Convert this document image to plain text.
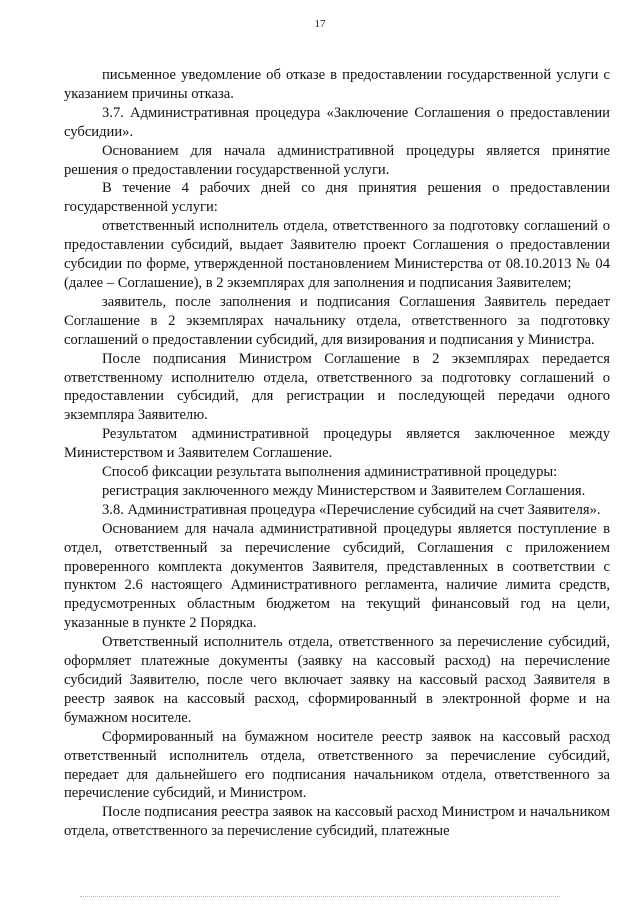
17

письменное уведомление об отказе в предоставлении государственной услуги с указанием причины отказа.

3.7. Административная процедура «Заключение Соглашения о предоставлении субсидии».

Основанием для начала административной процедуры является принятие решения о предоставлении государственной услуги.

В течение 4 рабочих дней со дня принятия решения о предоставлении государственной услуги:

ответственный исполнитель отдела, ответственного за подготовку соглашений о предоставлении субсидий, выдает Заявителю проект Соглашения о предоставлении субсидии по форме, утвержденной постановлением Министерства от 08.10.2013 № 04 (далее – Соглашение), в 2 экземплярах для заполнения и подписания Заявителем;

заявитель, после заполнения и подписания Соглашения Заявитель передает Соглашение в 2 экземплярах начальнику отдела, ответственного за подготовку соглашений о предоставлении субсидий, для визирования и подписания у Министра.

После подписания Министром Соглашение в 2 экземплярах передается ответственному исполнителю отдела, ответственного за подготовку соглашений о предоставлении субсидий, для регистрации и последующей передачи одного экземпляра Заявителю.

Результатом административной процедуры является заключенное между Министерством и Заявителем Соглашение.

Способ фиксации результата выполнения административной процедуры:

регистрация заключенного между Министерством и Заявителем Соглашения.

3.8. Административная процедура «Перечисление субсидий на счет Заявителя».

Основанием для начала административной процедуры является поступление в отдел, ответственный за перечисление субсидий, Соглашения с приложением проверенного комплекта документов Заявителя, представленных в соответствии с пунктом 2.6 настоящего Административного регламента, наличие лимита средств, предусмотренных областным бюджетом на текущий финансовый год на цели, указанные в пункте 2 Порядка.

Ответственный исполнитель отдела, ответственного за перечисление субсидий, оформляет платежные документы (заявку на кассовый расход) на перечисление субсидий Заявителю, после чего включает заявку на кассовый расход Заявителя в реестр заявок на кассовый расход, сформированный в электронной форме и на бумажном носителе.

Сформированный на бумажном носителе реестр заявок на кассовый расход ответственный исполнитель отдела, ответственного за перечисление субсидий, передает для дальнейшего его подписания начальником отдела, ответственного за перечисление субсидий, и Министром.

После подписания реестра заявок на кассовый расход Министром и начальником отдела, ответственного за перечисление субсидий, платежные
